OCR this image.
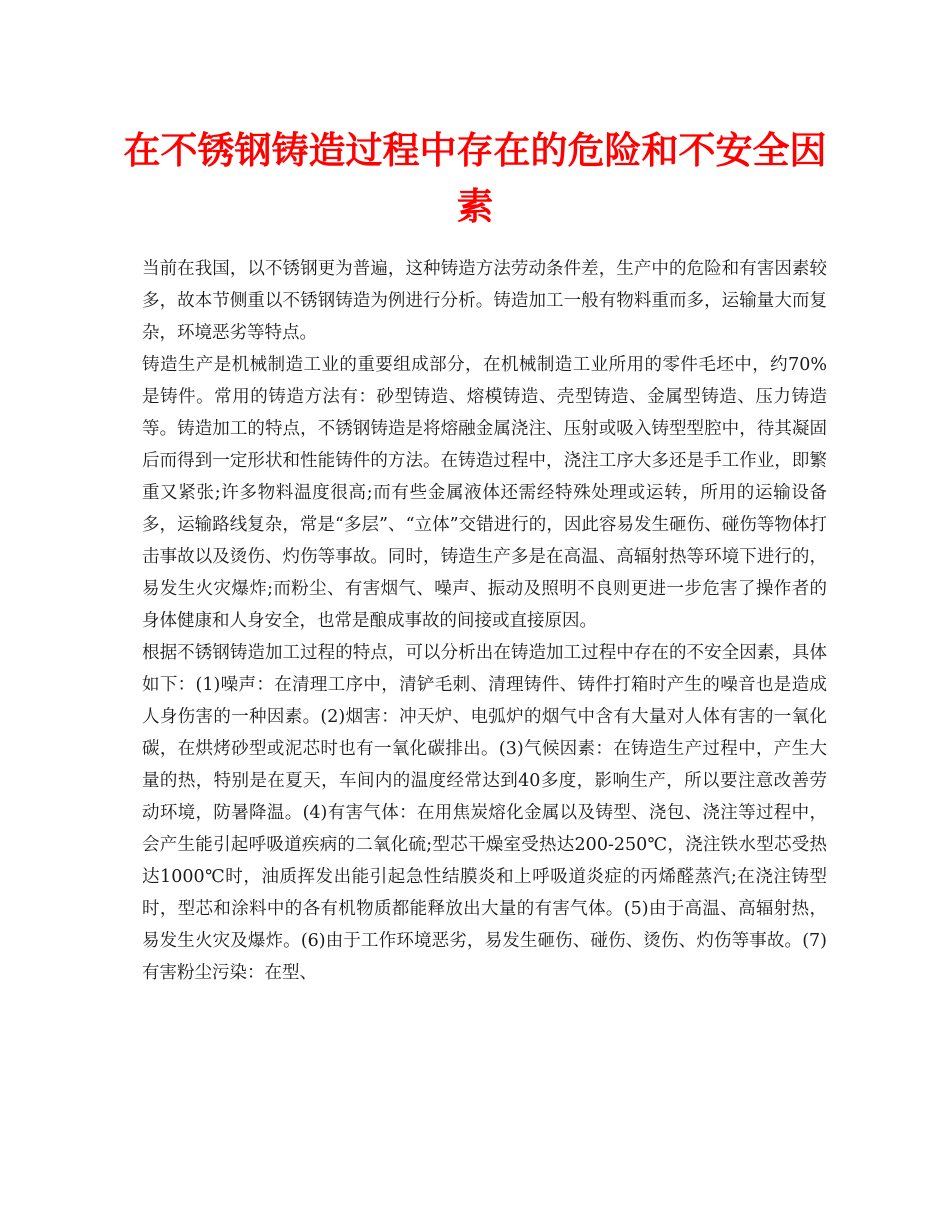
在不锈钢铸造过程中存在的危险和不安全因素

当前在我国，以不锈钢更为普遍，这种铸造方法劳动条件差，生产中的危险和有害因素较多，故本节侧重以不锈钢铸造为例进行分析。铸造加工一般有物料重而多，运输量大而复杂，环境恶劣等特点。

铸造生产是机械制造工业的重要组成部分，在机械制造工业所用的零件毛坯中，约70%是铸件。常用的铸造方法有：砂型铸造、熔模铸造、壳型铸造、金属型铸造、压力铸造等。铸造加工的特点，不锈钢铸造是将熔融金属浇注、压射或吸入铸型型腔中，待其凝固后而得到一定形状和性能铸件的方法。在铸造过程中，浇注工序大多还是手工作业，即繁重又紧张;许多物料温度很高;而有些金属液体还需经特殊处理或运转，所用的运输设备多，运输路线复杂，常是“多层”、“立体”交错进行的，因此容易发生砸伤、碰伤等物体打击事故以及烫伤、灼伤等事故。同时，铸造生产多是在高温、高辐射热等环境下进行的，易发生火灾爆炸;而粉尘、有害烟气、噪声、振动及照明不良则更进一步危害了操作者的身体健康和人身安全，也常是酿成事故的间接或直接原因。

根据不锈钢铸造加工过程的特点，可以分析出在铸造加工过程中存在的不安全因素，具体如下：(1)噪声：在清理工序中，清铲毛刺、清理铸件、铸件打箱时产生的噪音也是造成人身伤害的一种因素。(2)烟害：冲天炉、电弧炉的烟气中含有大量对人体有害的一氧化碳，在烘烤砂型或泥芯时也有一氧化碳排出。(3)气候因素：在铸造生产过程中，产生大量的热，特别是在夏天，车间内的温度经常达到40多度，影响生产，所以要注意改善劳动环境，防暑降温。(4)有害气体：在用焦炭熔化金属以及铸型、浇包、浇注等过程中，会产生能引起呼吸道疾病的二氧化硫;型芯干燥室受热达200-250℃，浇注铁水型芯受热达1000℃时，油质挥发出能引起急性结膜炎和上呼吸道炎症的丙烯醛蒸汽;在浇注铸型时，型芯和涂料中的各有机物质都能释放出大量的有害气体。(5)由于高温、高辐射热，易发生火灾及爆炸。(6)由于工作环境恶劣，易发生砸伤、碰伤、烫伤、灼伤等事故。(7)有害粉尘污染：在型、
